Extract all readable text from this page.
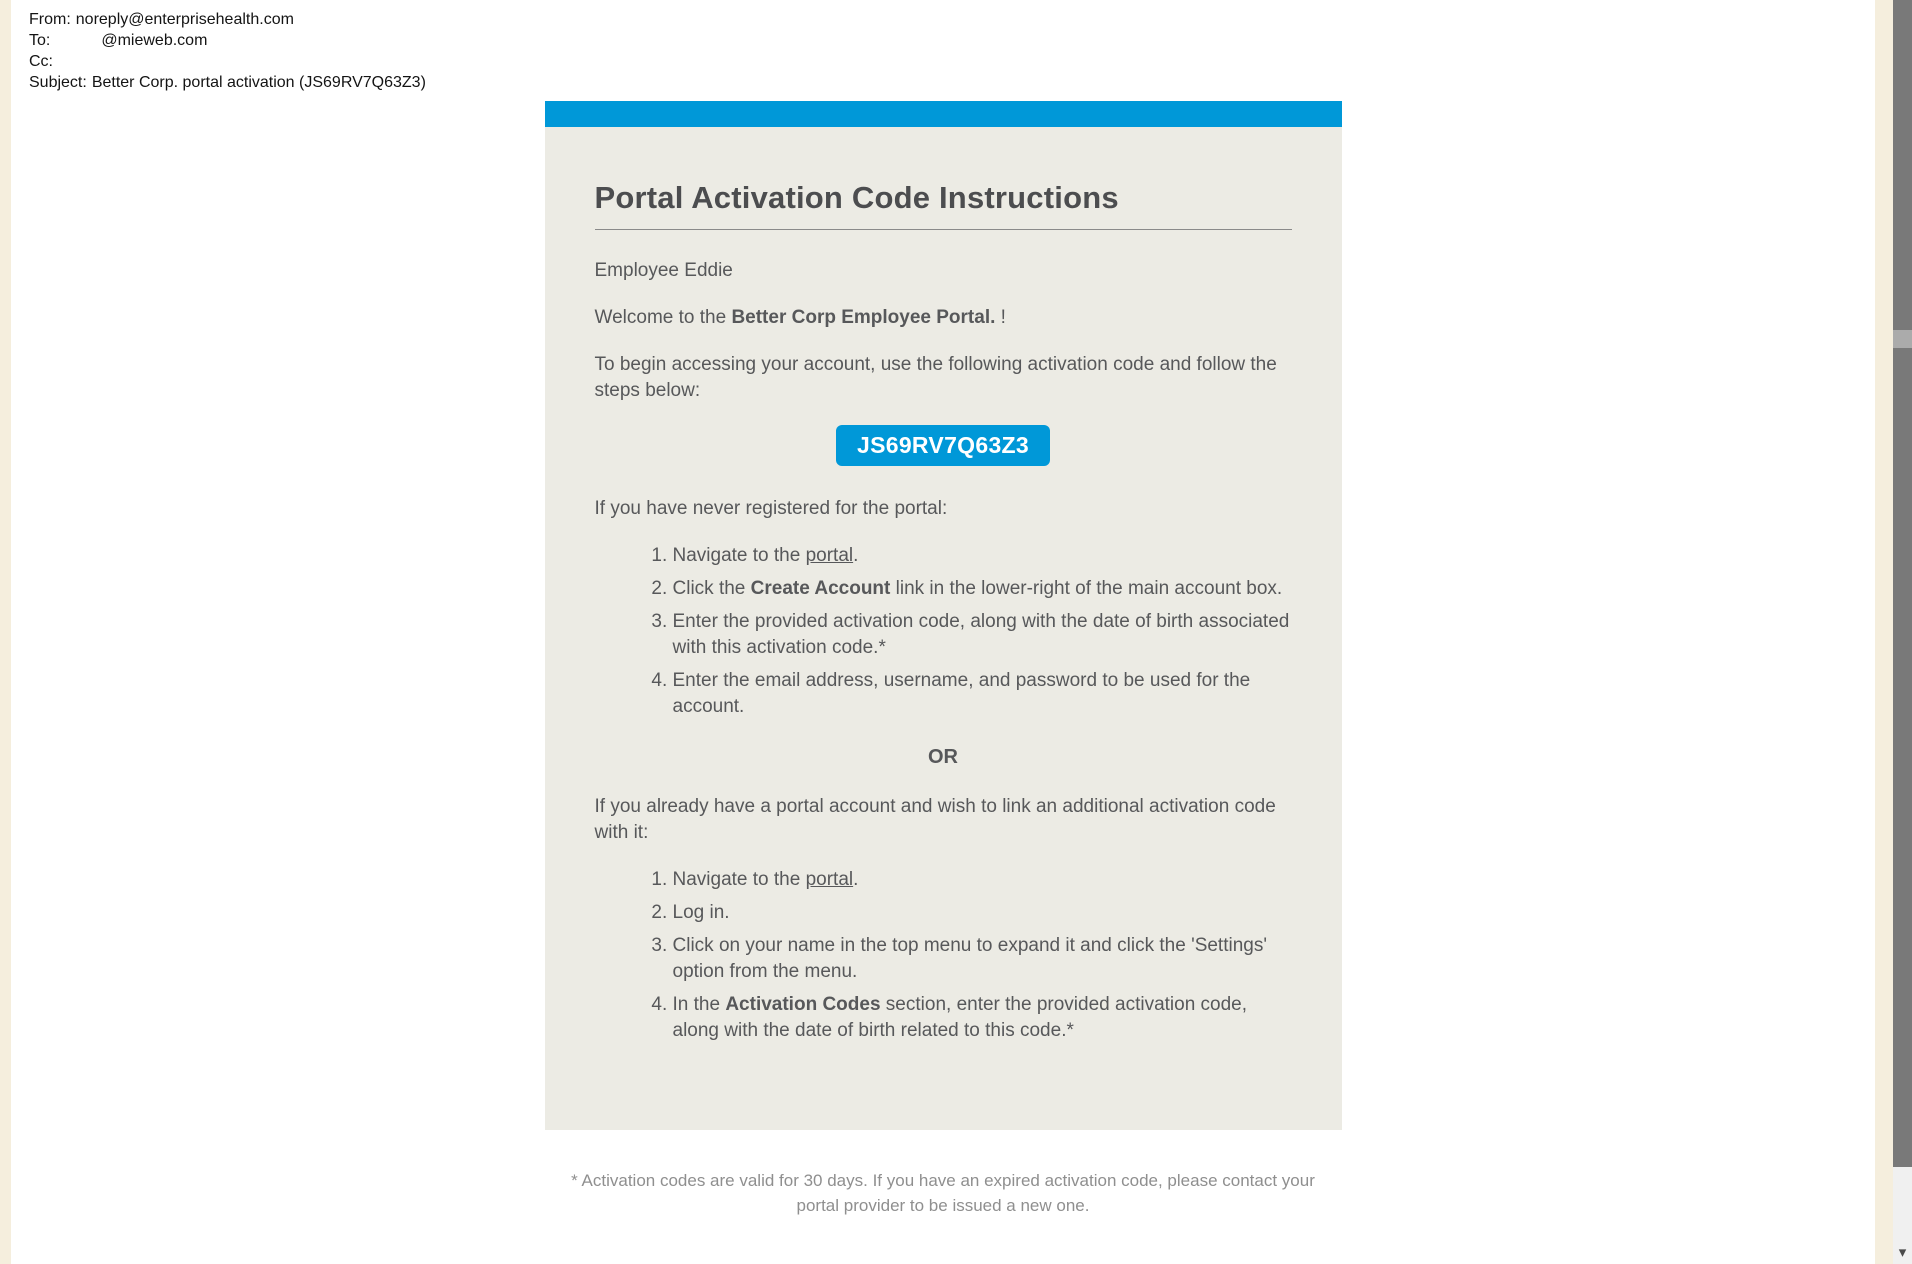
From: noreply@enterprisehealth.com
To:	@mieweb.com
Cc:
Subject: Better Corp. portal activation (JS69RV7Q63Z3)
Portal Activation Code Instructions

Employee Eddie

Welcome to the Better Corp Employee Portal. !

To begin accessing your account, use the following activation code and follow the steps below:

JS69RV7Q63Z3

If you have never registered for the portal:

1. Navigate to the portal.
2. Click the Create Account link in the lower-right of the main account box.
3. Enter the provided activation code, along with the date of birth associated with this activation code.*
4. Enter the email address, username, and password to be used for the account.
OR

If you already have a portal account and wish to link an additional activation code with it:

1. Navigate to the portal.
2. Log in.
3. Click on your name in the top menu to expand it and click the 'Settings' option from the menu.
4. In the Activation Codes section, enter the provided activation code, along with the date of birth related to this code.*
* Activation codes are valid for 30 days. If you have an expired activation code, please contact your portal provider to be issued a new one.
▾
